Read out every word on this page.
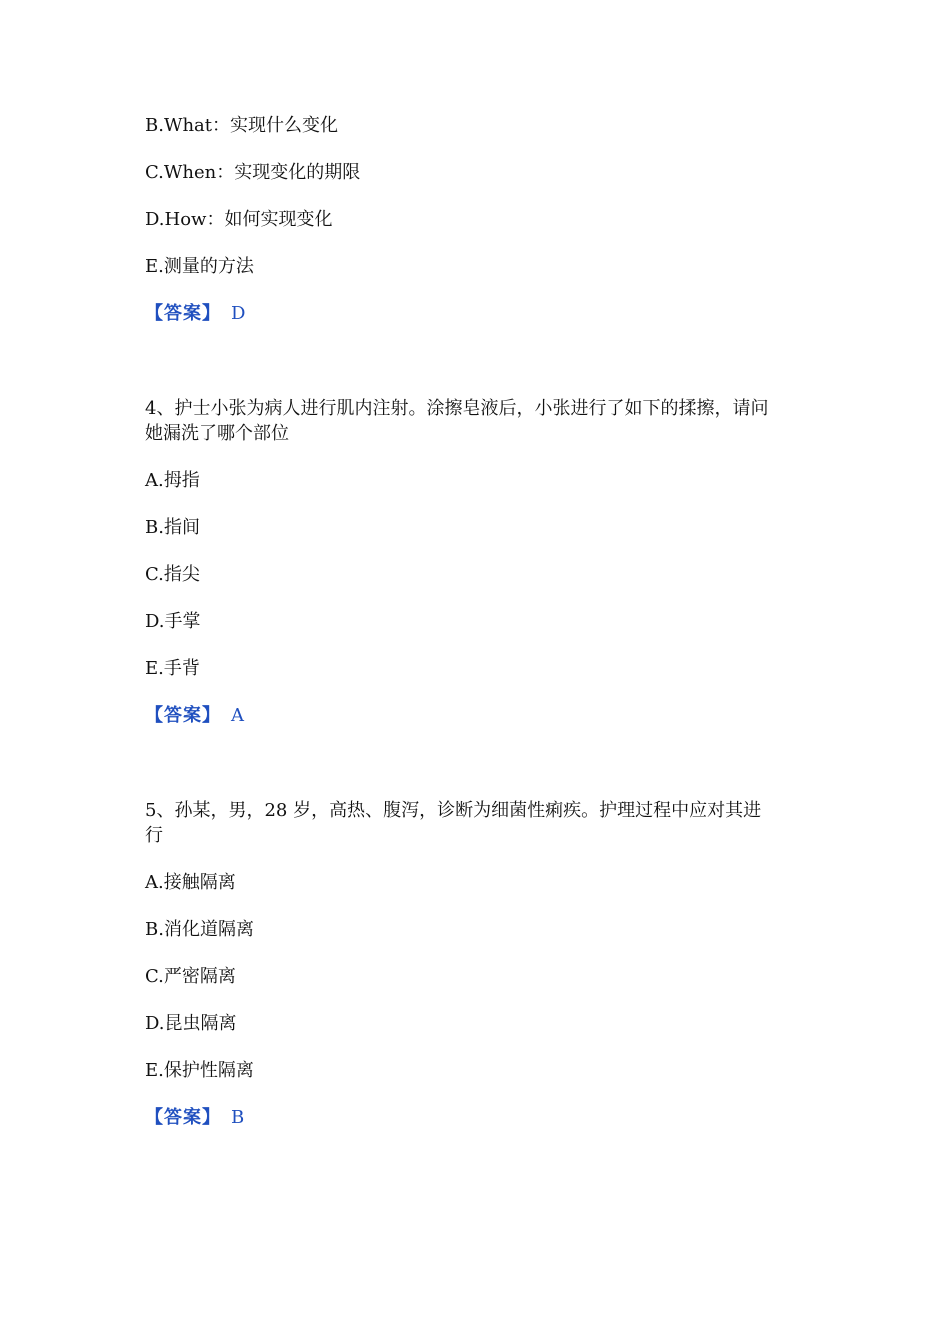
B.What：实现什么变化
C.When：实现变化的期限
D.How：如何实现变化
E.测量的方法
【答案】 D
4、护士小张为病人进行肌内注射。涂擦皂液后，小张进行了如下的揉擦，请问
她漏洗了哪个部位
A.拇指
B.指间
C.指尖
D.手掌
E.手背
【答案】 A
5、孙某，男，28 岁，高热、腹泻，诊断为细菌性痢疾。护理过程中应对其进
行
A.接触隔离
B.消化道隔离
C.严密隔离
D.昆虫隔离
E.保护性隔离
【答案】 B
